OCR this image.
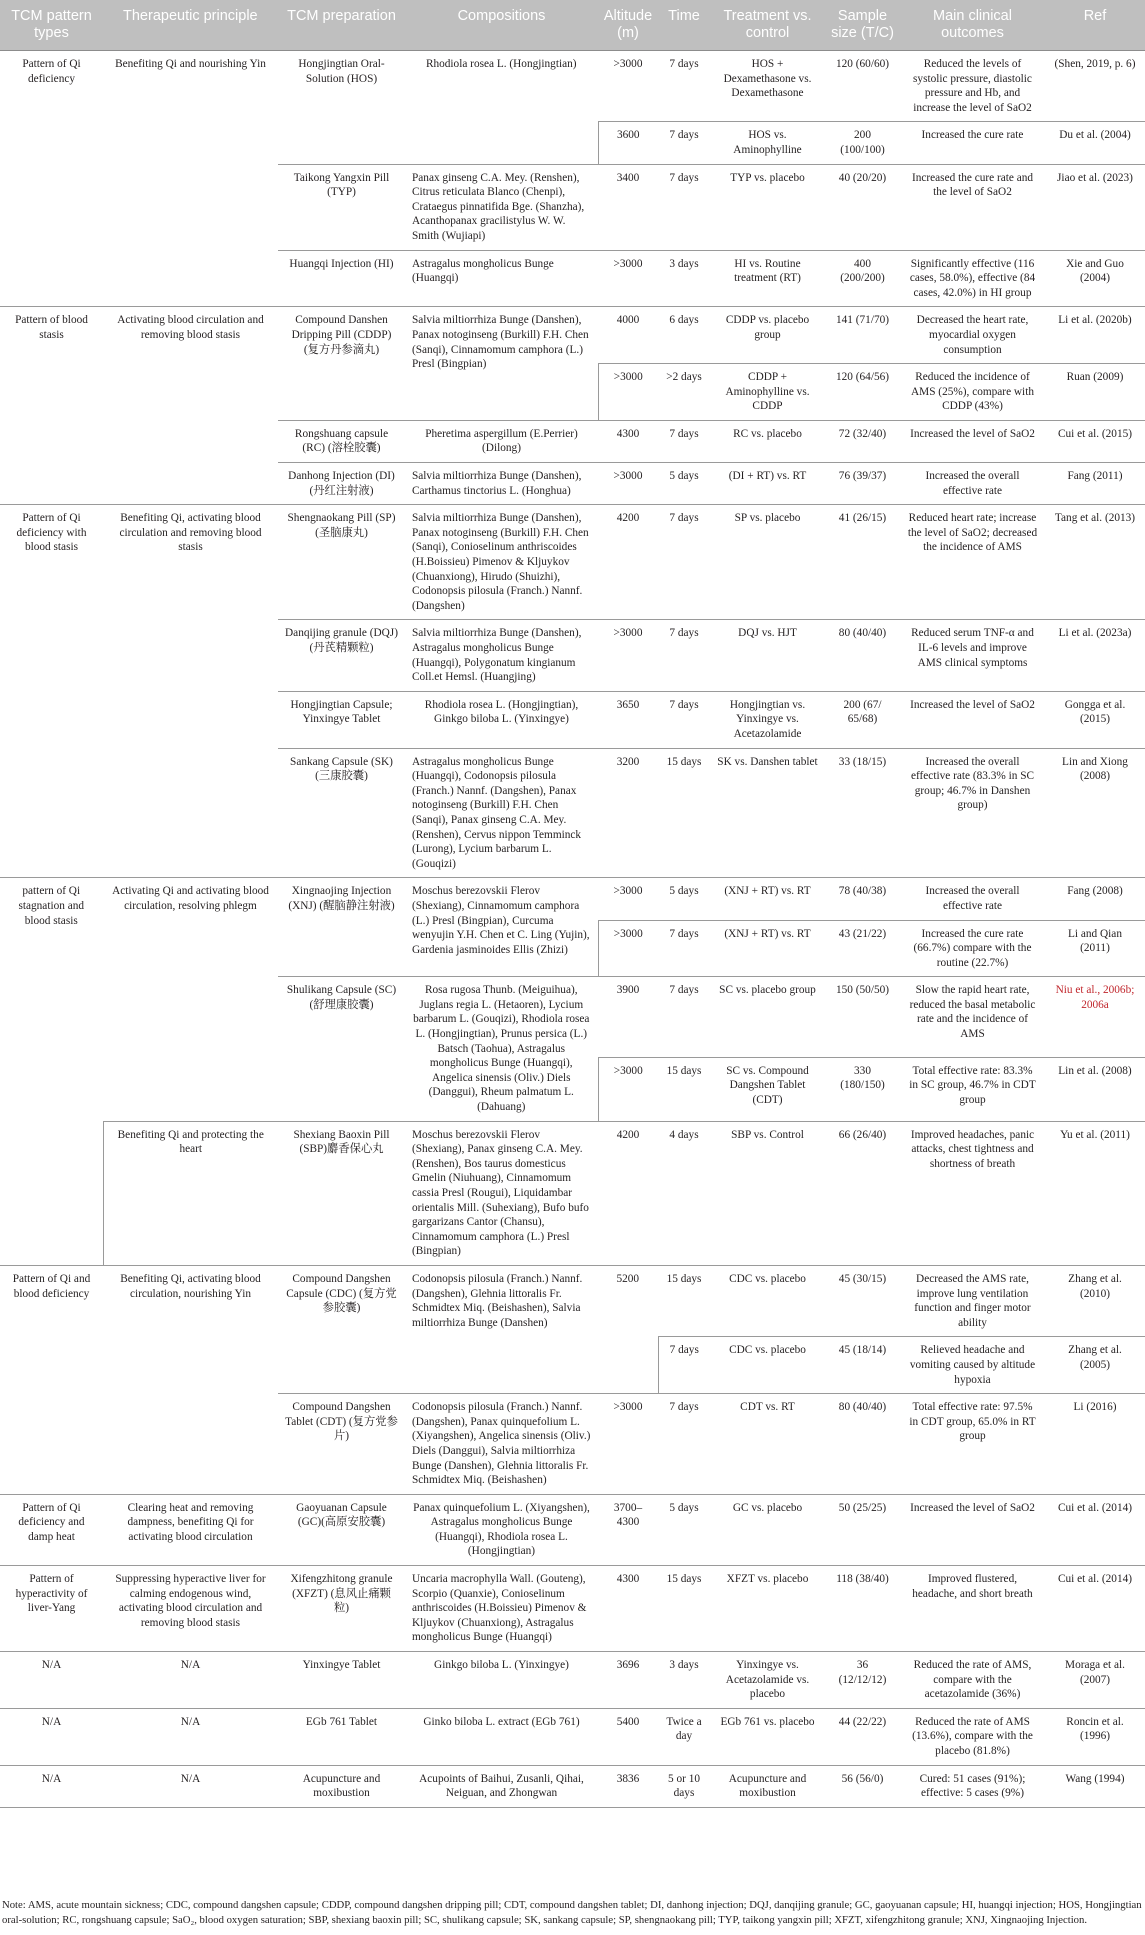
TCM pattern types	Therapeutic principle	TCM preparation	Compositions	Altitude (m)	Time	Treatment vs. control	Sample size (T/C)	Main clinical outcomes	Ref
Pattern of Qi deficiency	Benefiting Qi and nourishing Yin	Hongjingtian Oral-Solution (HOS)	Rhodiola rosea L. (Hongjingtian)	>3000	7 days	HOS + Dexamethasone vs. Dexamethasone	120 (60/60)	Reduced the levels of systolic pressure, diastolic pressure and Hb, and increase the level of SaO2	(Shen, 2019, p. 6)
				3600	7 days	HOS vs. Aminophylline	200 (100/100)	Increased the cure rate	Du et al. (2004)
		Taikong Yangxin Pill (TYP)	Panax ginseng C.A. Mey. (Renshen), Citrus reticulata Blanco (Chenpi), Crataegus pinnatifida Bge. (Shanzha), Acanthopanax gracilistylus W. W. Smith (Wujiapi)	3400	7 days	TYP vs. placebo	40 (20/20)	Increased the cure rate and the level of SaO2	Jiao et al. (2023)
		Huangqi Injection (HI)	Astragalus mongholicus Bunge (Huangqi)	>3000	3 days	HI vs. Routine treatment (RT)	400 (200/200)	Significantly effective (116 cases, 58.0%), effective (84 cases, 42.0%) in HI group	Xie and Guo (2004)
Pattern of blood stasis	Activating blood circulation and removing blood stasis	Compound Danshen Dripping Pill (CDDP) (复方丹参滴丸)	Salvia miltiorrhiza Bunge (Danshen), Panax notoginseng (Burkill) F.H. Chen (Sanqi), Cinnamomum camphora (L.) Presl (Bingpian)	4000	6 days	CDDP vs. placebo group	141 (71/70)	Decreased the heart rate, myocardial oxygen consumption	Li et al. (2020b)
				>3000	>2 days	CDDP + Aminophylline vs. CDDP	120 (64/56)	Reduced the incidence of AMS (25%), compare with CDDP (43%)	Ruan (2009)
		Rongshuang capsule (RC) (溶栓胶囊)	Pheretima aspergillum (E.Perrier) (Dilong)	4300	7 days	RC vs. placebo	72 (32/40)	Increased the level of SaO2	Cui et al. (2015)
		Danhong Injection (DI) (丹红注射液)	Salvia miltiorrhiza Bunge (Danshen), Carthamus tinctorius L. (Honghua)	>3000	5 days	(DI + RT) vs. RT	76 (39/37)	Increased the overall effective rate	Fang (2011)
Pattern of Qi deficiency with blood stasis	Benefiting Qi, activating blood circulation and removing blood stasis	Shengnaokang Pill (SP) (圣脑康丸)	Salvia miltiorrhiza Bunge (Danshen), Panax notoginseng (Burkill) F.H. Chen (Sanqi), Conioselinum anthriscoides (H.Boissieu) Pimenov & Kljuykov (Chuanxiong), Hirudo (Shuizhi), Codonopsis pilosula (Franch.) Nannf. (Dangshen)	4200	7 days	SP vs. placebo	41 (26/15)	Reduced heart rate; increase the level of SaO2; decreased the incidence of AMS	Tang et al. (2013)
		Danqijing granule (DQJ) (丹芪精颗粒)	Salvia miltiorrhiza Bunge (Danshen), Astragalus mongholicus Bunge (Huangqi), Polygonatum kingianum Coll.et Hemsl. (Huangjing)	>3000	7 days	DQJ vs. HJT	80 (40/40)	Reduced serum TNF-α and IL-6 levels and improve AMS clinical symptoms	Li et al. (2023a)
		Hongjingtian Capsule; Yinxingye Tablet	Rhodiola rosea L. (Hongjingtian), Ginkgo biloba L. (Yinxingye)	3650	7 days	Hongjingtian vs. Yinxingye vs. Acetazolamide	200 (67/ 65/68)	Increased the level of SaO2	Gongga et al. (2015)
		Sankang Capsule (SK) (三康胶囊)	Astragalus mongholicus Bunge (Huangqi), Codonopsis pilosula (Franch.) Nannf. (Dangshen), Panax notoginseng (Burkill) F.H. Chen (Sanqi), Panax ginseng C.A. Mey. (Renshen), Cervus nippon Temminck (Lurong), Lycium barbarum L. (Gouqizi)	3200	15 days	SK vs. Danshen tablet	33 (18/15)	Increased the overall effective rate (83.3% in SC group; 46.7% in Danshen group)	Lin and Xiong (2008)
pattern of Qi stagnation and blood stasis	Activating Qi and activating blood circulation, resolving phlegm	Xingnaojing Injection (XNJ) (醒脑静注射液)	Moschus berezovskii Flerov (Shexiang), Cinnamomum camphora (L.) Presl (Bingpian), Curcuma wenyujin Y.H. Chen et C. Ling (Yujin), Gardenia jasminoides Ellis (Zhizi)	>3000	5 days	(XNJ + RT) vs. RT	78 (40/38)	Increased the overall effective rate	Fang (2008)
				>3000	7 days	(XNJ + RT) vs. RT	43 (21/22)	Increased the cure rate (66.7%) compare with the routine (22.7%)	Li and Qian (2011)
		Shulikang Capsule (SC) (舒理康胶囊)	Rosa rugosa Thunb. (Meiguihua), Juglans regia L. (Hetaoren), Lycium barbarum L. (Gouqizi), Rhodiola rosea L. (Hongjingtian), Prunus persica (L.) Batsch (Taohua), Astragalus mongholicus Bunge (Huangqi), Angelica sinensis (Oliv.) Diels (Danggui), Rheum palmatum L. (Dahuang)	3900	7 days	SC vs. placebo group	150 (50/50)	Slow the rapid heart rate, reduced the basal metabolic rate and the incidence of AMS	Niu et al., 2006b; 2006a
				>3000	15 days	SC vs. Compound Dangshen Tablet (CDT)	330 (180/150)	Total effective rate: 83.3% in SC group, 46.7% in CDT group	Lin et al. (2008)
	Benefiting Qi and protecting the heart	Shexiang Baoxin Pill (SBP)麝香保心丸	Moschus berezovskii Flerov (Shexiang), Panax ginseng C.A. Mey. (Renshen), Bos taurus domesticus Gmelin (Niuhuang), Cinnamomum cassia Presl (Rougui), Liquidambar orientalis Mill. (Suhexiang), Bufo bufo gargarizans Cantor (Chansu), Cinnamomum camphora (L.) Presl (Bingpian)	4200	4 days	SBP vs. Control	66 (26/40)	Improved headaches, panic attacks, chest tightness and shortness of breath	Yu et al. (2011)
Pattern of Qi and blood deficiency	Benefiting Qi, activating blood circulation, nourishing Yin	Compound Dangshen Capsule (CDC) (复方党参胶囊)	Codonopsis pilosula (Franch.) Nannf. (Dangshen), Glehnia littoralis Fr. Schmidtex Miq. (Beishashen), Salvia miltiorrhiza Bunge (Danshen)	5200	15 days	CDC vs. placebo	45 (30/15)	Decreased the AMS rate, improve lung ventilation function and finger motor ability	Zhang et al. (2010)
					7 days	CDC vs. placebo	45 (18/14)	Relieved headache and vomiting caused by altitude hypoxia	Zhang et al. (2005)
		Compound Dangshen Tablet (CDT) (复方党参片)	Codonopsis pilosula (Franch.) Nannf. (Dangshen), Panax quinquefolium L. (Xiyangshen), Angelica sinensis (Oliv.) Diels (Danggui), Salvia miltiorrhiza Bunge (Danshen), Glehnia littoralis Fr. Schmidtex Miq. (Beishashen)	>3000	7 days	CDT vs. RT	80 (40/40)	Total effective rate: 97.5% in CDT group, 65.0% in RT group	Li (2016)
Pattern of Qi deficiency and damp heat	Clearing heat and removing dampness, benefiting Qi for activating blood circulation	Gaoyuanan Capsule (GC)(高原安胶囊)	Panax quinquefolium L. (Xiyangshen), Astragalus mongholicus Bunge (Huangqi), Rhodiola rosea L. (Hongjingtian)	3700–4300	5 days	GC vs. placebo	50 (25/25)	Increased the level of SaO2	Cui et al. (2014)
Pattern of hyperactivity of liver-Yang	Suppressing hyperactive liver for calming endogenous wind, activating blood circulation and removing blood stasis	Xifengzhitong granule (XFZT) (息风止痛颗粒)	Uncaria macrophylla Wall. (Gouteng), Scorpio (Quanxie), Conioselinum anthriscoides (H.Boissieu) Pimenov & Kljuykov (Chuanxiong), Astragalus mongholicus Bunge (Huangqi)	4300	15 days	XFZT vs. placebo	118 (38/40)	Improved flustered, headache, and short breath	Cui et al. (2014)
N/A	N/A	Yinxingye Tablet	Ginkgo biloba L. (Yinxingye)	3696	3 days	Yinxingye vs. Acetazolamide vs. placebo	36 (12/12/12)	Reduced the rate of AMS, compare with the acetazolamide (36%)	Moraga et al. (2007)
N/A	N/A	EGb 761 Tablet	Ginko biloba L. extract (EGb 761)	5400	Twice a day	EGb 761 vs. placebo	44 (22/22)	Reduced the rate of AMS (13.6%), compare with the placebo (81.8%)	Roncin et al. (1996)
N/A	N/A	Acupuncture and moxibustion	Acupoints of Baihui, Zusanli, Qihai, Neiguan, and Zhongwan	3836	5 or 10 days	Acupuncture and moxibustion	56 (56/0)	Cured: 51 cases (91%); effective: 5 cases (9%)	Wang (1994)
Note: AMS, acute mountain sickness; CDC, compound dangshen capsule; CDDP, compound dangshen dripping pill; CDT, compound dangshen tablet; DI, danhong injection; DQJ, danqijing granule; GC, gaoyuanan capsule; HI, huangqi injection; HOS, Hongjingtian oral-solution; RC, rongshuang capsule; SaO₂, blood oxygen saturation; SBP, shexiang baoxin pill; SC, shulikang capsule; SK, sankang capsule; SP, shengnaokang pill; TYP, taikong yangxin pill; XFZT, xifengzhitong granule; XNJ, Xingnaojing Injection.
